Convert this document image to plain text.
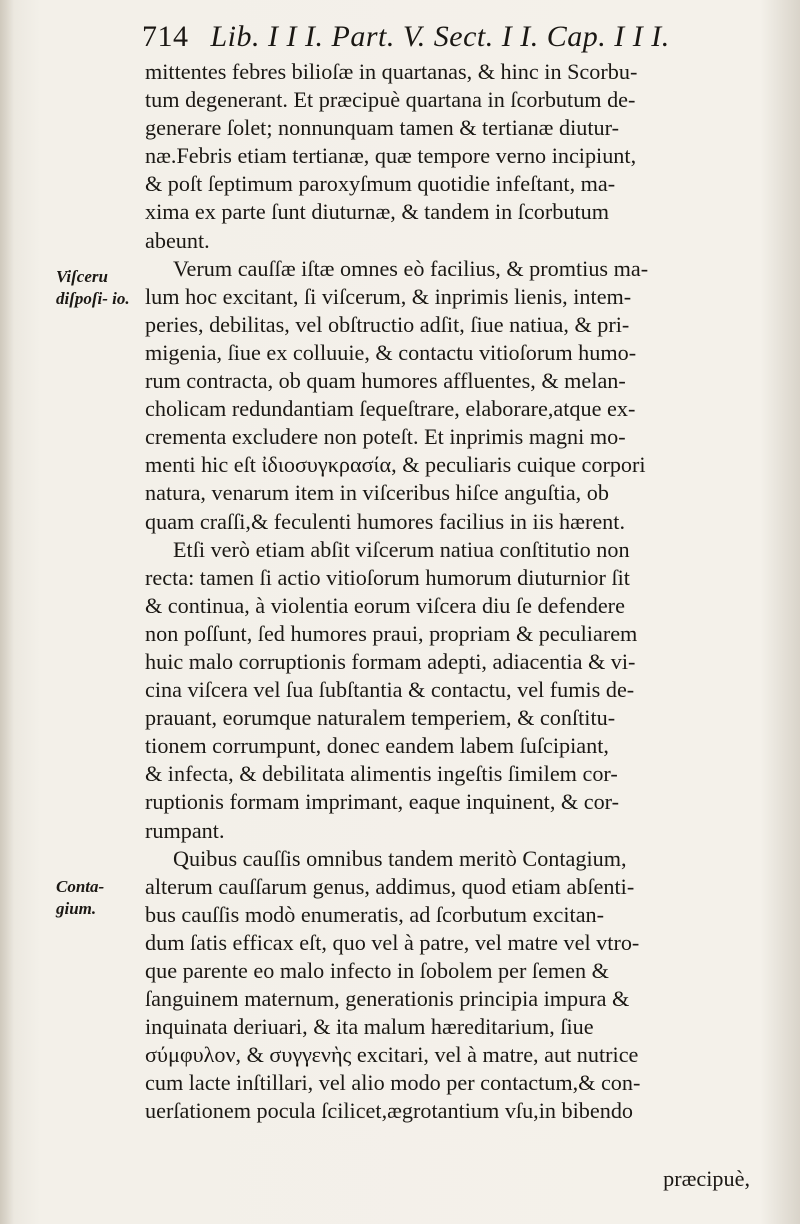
714 Lib. I I I. Part. V. Sect. I I. Cap. I I I.
Viſceru diſpoſi- io.
Conta- gium.

mittentes febres bilioſæ in quartanas, & hinc in Scorbu-
tum degenerant. Et præcipuè quartana in ſcorbutum de-
generare ſolet; nonnunquam tamen & tertianæ diutur-
næ.Febris etiam tertianæ, quæ tempore verno incipiunt,
& poſt ſeptimum paroxyſmum quotidie infeſtant, ma-
xima ex parte ſunt diuturnæ, & tandem in ſcorbutum
abeunt.

Verum cauſſæ iſtæ omnes eò facilius, & promtius ma-
lum hoc excitant, ſi viſcerum, & inprimis lienis, intem-
peries, debilitas, vel obſtructio adſit, ſiue natiua, & pri-
migenia, ſiue ex colluuie, & contactu vitioſorum humo-
rum contracta, ob quam humores affluentes, & melan-
cholicam redundantiam ſequeſtrare, elaborare,atque ex-
crementa excludere non poteſt. Et inprimis magni mo-
menti hic eſt ἰδιοσυγκρασία, & peculiaris cuique corpori
natura, venarum item in viſceribus hiſce anguſtia, ob
quam craſſi,& feculenti humores facilius in iis hærent.

Etſi verò etiam abſit viſcerum natiua conſtitutio non
recta: tamen ſi actio vitioſorum humorum diuturnior ſit
& continua, à violentia eorum viſcera diu ſe defendere
non poſſunt, ſed humores praui, propriam & peculiarem
huic malo corruptionis formam adepti, adiacentia & vi-
cina viſcera vel ſua ſubſtantia & contactu, vel fumis de-
prauant, eorumque naturalem temperiem, & conſtitu-
tionem corrumpunt, donec eandem labem ſuſcipiant,
& infecta, & debilitata alimentis ingeſtis ſimilem cor-
ruptionis formam imprimant, eaque inquinent, & cor-
rumpant.

Quibus cauſſis omnibus tandem meritò Contagium,
alterum cauſſarum genus, addimus, quod etiam abſenti-
bus cauſſis modò enumeratis, ad ſcorbutum excitan-
dum ſatis efficax eſt, quo vel à patre, vel matre vel vtro-
que parente eo malo infecto in ſobolem per ſemen &
ſanguinem maternum, generationis principia impura &
inquinata deriuari, & ita malum hæreditarium, ſiue
σύμφυλον, & συγγενὴς excitari, vel à matre, aut nutrice
cum lacte inſtillari, vel alio modo per contactum,& con-
uerſationem pocula ſcilicet,ægrotantium vſu,in bibendo

præcipuè,
